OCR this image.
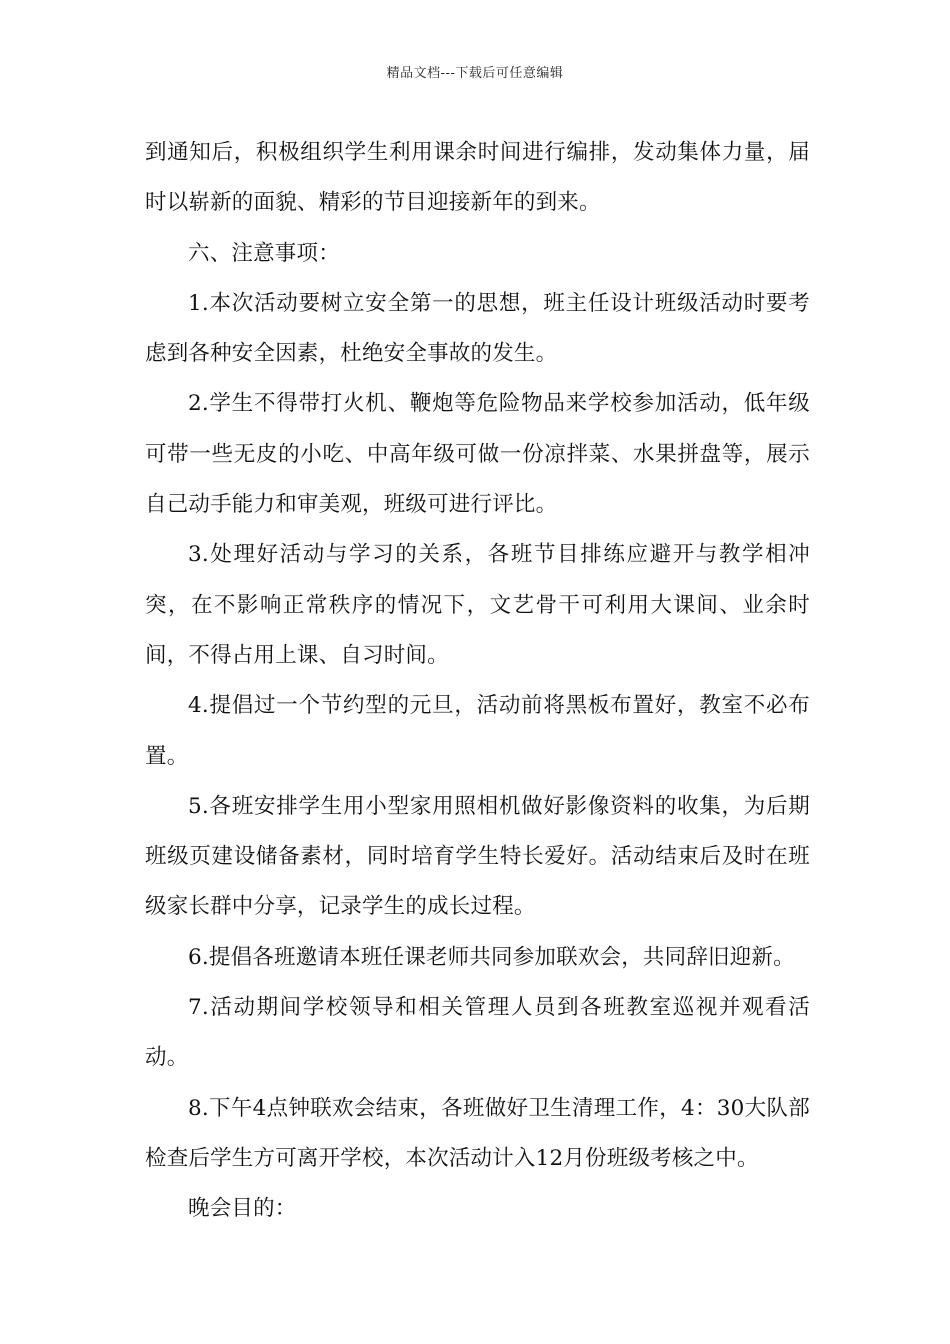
精品文档---下载后可任意编辑

到通知后，积极组织学生利用课余时间进行编排，发动集体力量，届时以崭新的面貌、精彩的节目迎接新年的到来。

六、注意事项：

1.本次活动要树立安全第一的思想，班主任设计班级活动时要考虑到各种安全因素，杜绝安全事故的发生。

2.学生不得带打火机、鞭炮等危险物品来学校参加活动，低年级可带一些无皮的小吃、中高年级可做一份凉拌菜、水果拼盘等，展示自己动手能力和审美观，班级可进行评比。

3.处理好活动与学习的关系，各班节目排练应避开与教学相冲突，在不影响正常秩序的情况下，文艺骨干可利用大课间、业余时间，不得占用上课、自习时间。

4.提倡过一个节约型的元旦，活动前将黑板布置好，教室不必布置。

5.各班安排学生用小型家用照相机做好影像资料的收集，为后期班级页建设储备素材，同时培育学生特长爱好。活动结束后及时在班级家长群中分享，记录学生的成长过程。

6.提倡各班邀请本班任课老师共同参加联欢会，共同辞旧迎新。

7.活动期间学校领导和相关管理人员到各班教室巡视并观看活动。

8.下午4点钟联欢会结束，各班做好卫生清理工作，4：30大队部检查后学生方可离开学校，本次活动计入12月份班级考核之中。

晚会目的：
